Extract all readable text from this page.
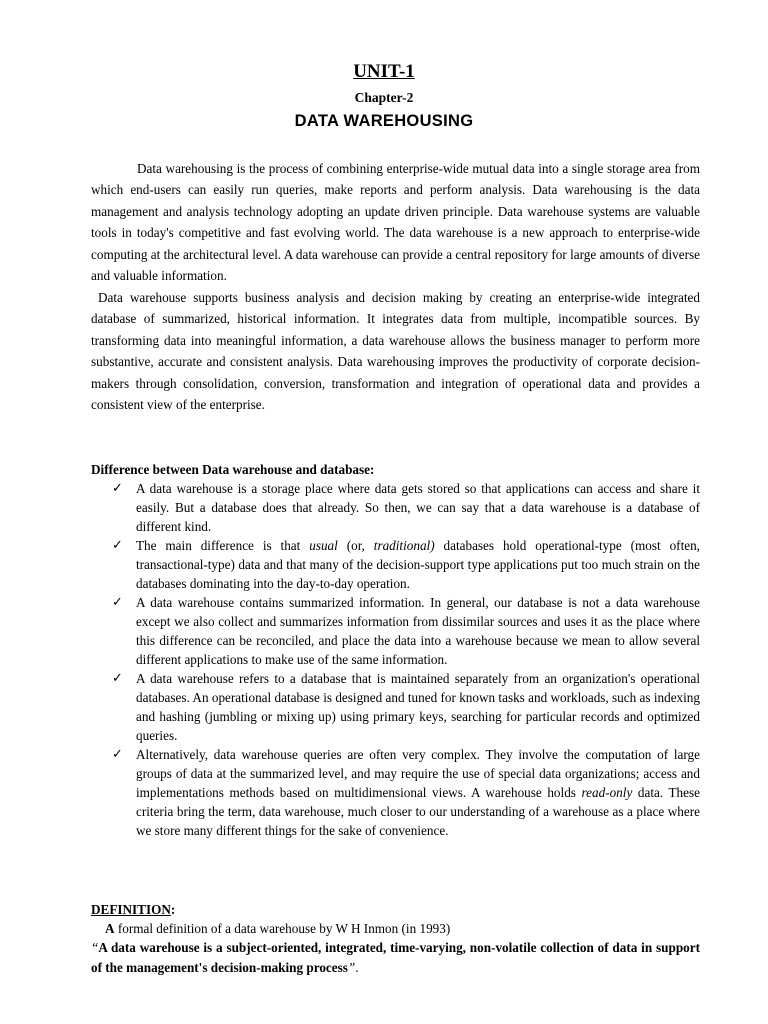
UNIT-1
Chapter-2
DATA WAREHOUSING

Data warehousing is the process of combining enterprise-wide mutual data into a single storage area from which end-users can easily run queries, make reports and perform analysis. Data warehousing is the data management and analysis technology adopting an update driven principle. Data warehouse systems are valuable tools in today's competitive and fast evolving world. The data warehouse is a new approach to enterprise-wide computing at the architectural level. A data warehouse can provide a central repository for large amounts of diverse and valuable information.

Data warehouse supports business analysis and decision making by creating an enterprise-wide integrated database of summarized, historical information. It integrates data from multiple, incompatible sources. By transforming data into meaningful information, a data warehouse allows the business manager to perform more substantive, accurate and consistent analysis. Data warehousing improves the productivity of corporate decision-makers through consolidation, conversion, transformation and integration of operational data and provides a consistent view of the enterprise.

Difference between Data warehouse and database:

✓ A data warehouse is a storage place where data gets stored so that applications can access and share it easily. But a database does that already. So then, we can say that a data warehouse is a database of different kind.
✓ The main difference is that usual (or, traditional) databases hold operational-type (most often, transactional-type) data and that many of the decision-support type applications put too much strain on the databases dominating into the day-to-day operation.
✓ A data warehouse contains summarized information. In general, our database is not a data warehouse except we also collect and summarizes information from dissimilar sources and uses it as the place where this difference can be reconciled, and place the data into a warehouse because we mean to allow several different applications to make use of the same information.
✓ A data warehouse refers to a database that is maintained separately from an organization's operational databases. An operational database is designed and tuned for known tasks and workloads, such as indexing and hashing (jumbling or mixing up) using primary keys, searching for particular records and optimized queries.
✓ Alternatively, data warehouse queries are often very complex. They involve the computation of large groups of data at the summarized level, and may require the use of special data organizations; access and implementations methods based on multidimensional views. A warehouse holds read-only data. These criteria bring the term, data warehouse, much closer to our understanding of a warehouse as a place where we store many different things for the sake of convenience.

DEFINITION:

A formal definition of a data warehouse by W H Inmon (in 1993)

“A data warehouse is a subject-oriented, integrated, time-varying, non-volatile collection of data in support of the management's decision-making process”.
